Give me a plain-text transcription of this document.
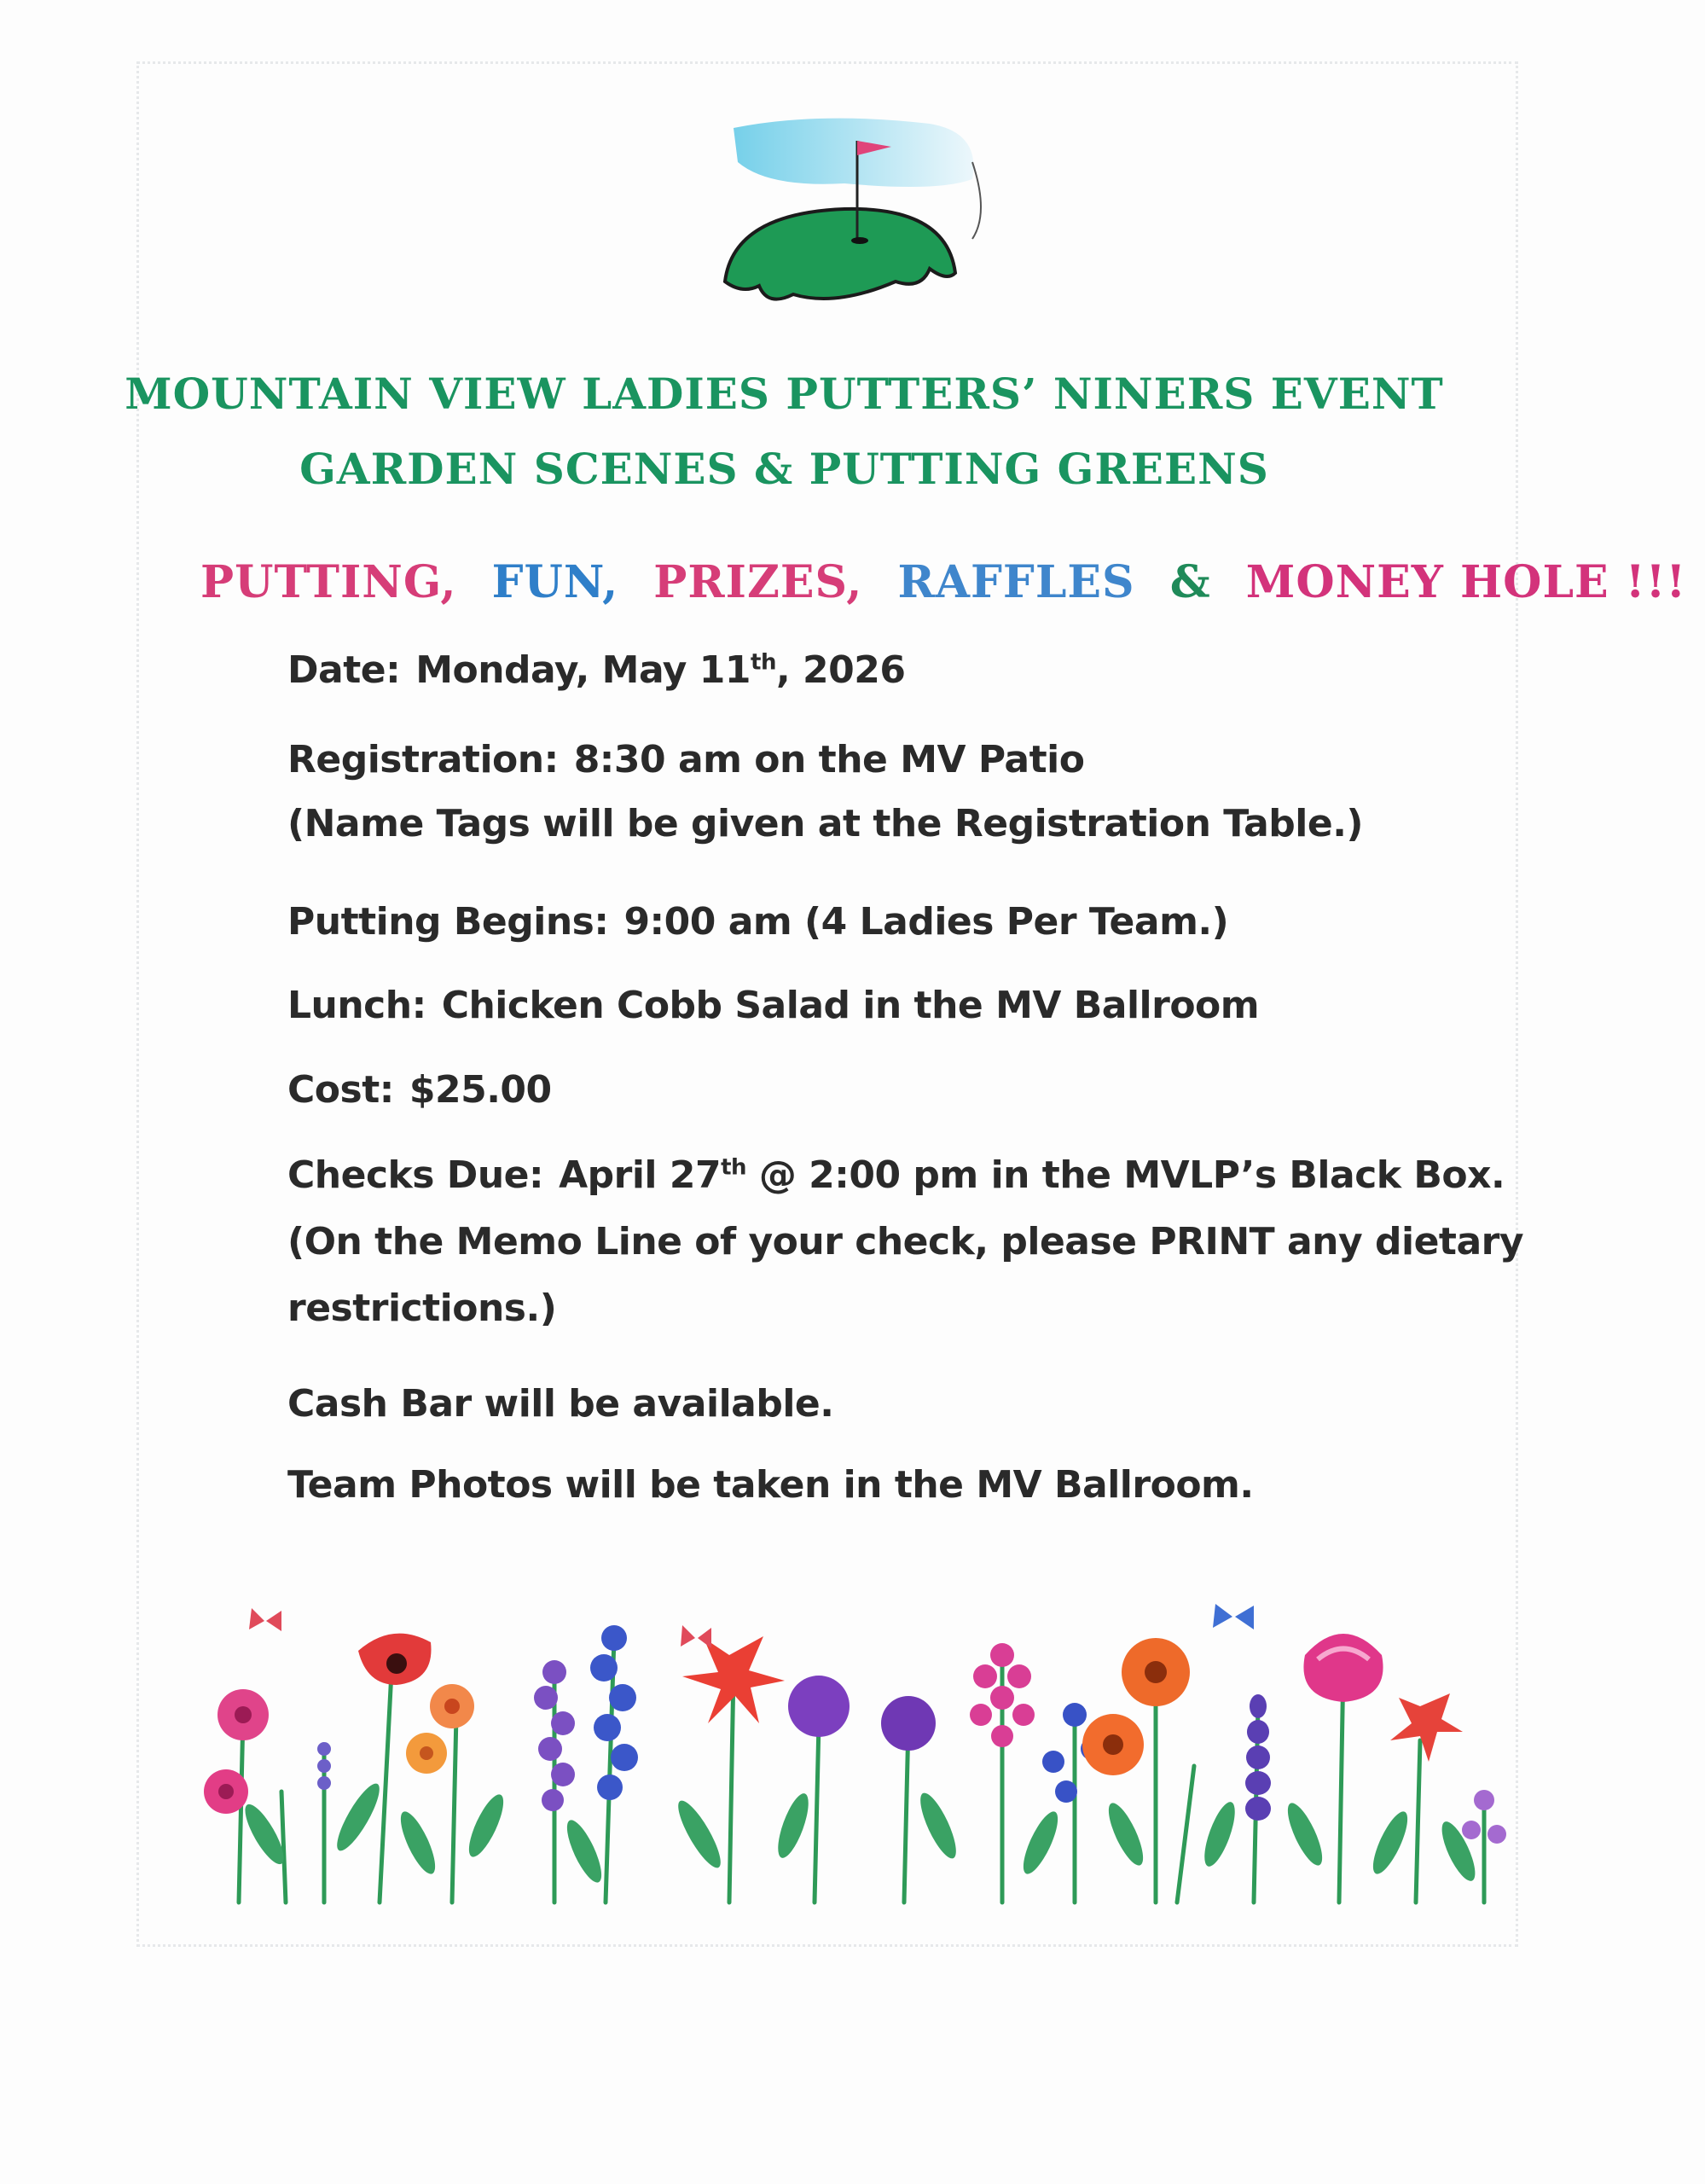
MOUNTAIN VIEW LADIES PUTTERS’ NINERS EVENT
GARDEN SCENES & PUTTING GREENS
PUTTING, FUN, PRIZES, RAFFLES & MONEY HOLE !!!
Date: Monday, May 11th, 2026
Registration: 8:30 am on the MV Patio
(Name Tags will be given at the Registration Table.)
Putting Begins: 9:00 am (4 Ladies Per Team.)
Lunch: Chicken Cobb Salad in the MV Ballroom
Cost: $25.00
Checks Due: April 27th @ 2:00 pm in the MVLP’s Black Box.
(On the Memo Line of your check, please PRINT any dietary
restrictions.)
Cash Bar will be available.
Team Photos will be taken in the MV Ballroom.
